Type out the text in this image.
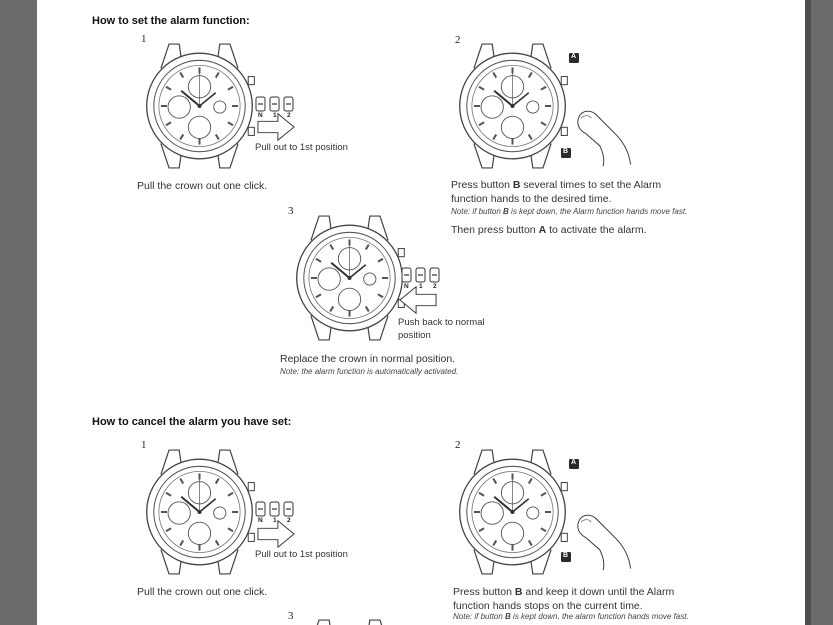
How to set the alarm function:
1
N 1 2
Pull out to 1st position
Pull the crown out one click.
2
A
B
Press button B several times to set the Alarm
function hands to the desired time.
Note: if button B is kept down, the Alarm function hands move fast.
Then press button A to activate the alarm.
3
N 1 2
Push back to normal
position
Replace the crown in normal position.
Note: the alarm function is automatically activated.
How to cancel the alarm you have set:
1
N 1 2
Pull out to 1st position
Pull the crown out one click.
2
A
B
Press button B and keep it down until the Alarm
function hands stops on the current time.
Note: if button B is kept down, the alarm function hands move fast.
3
